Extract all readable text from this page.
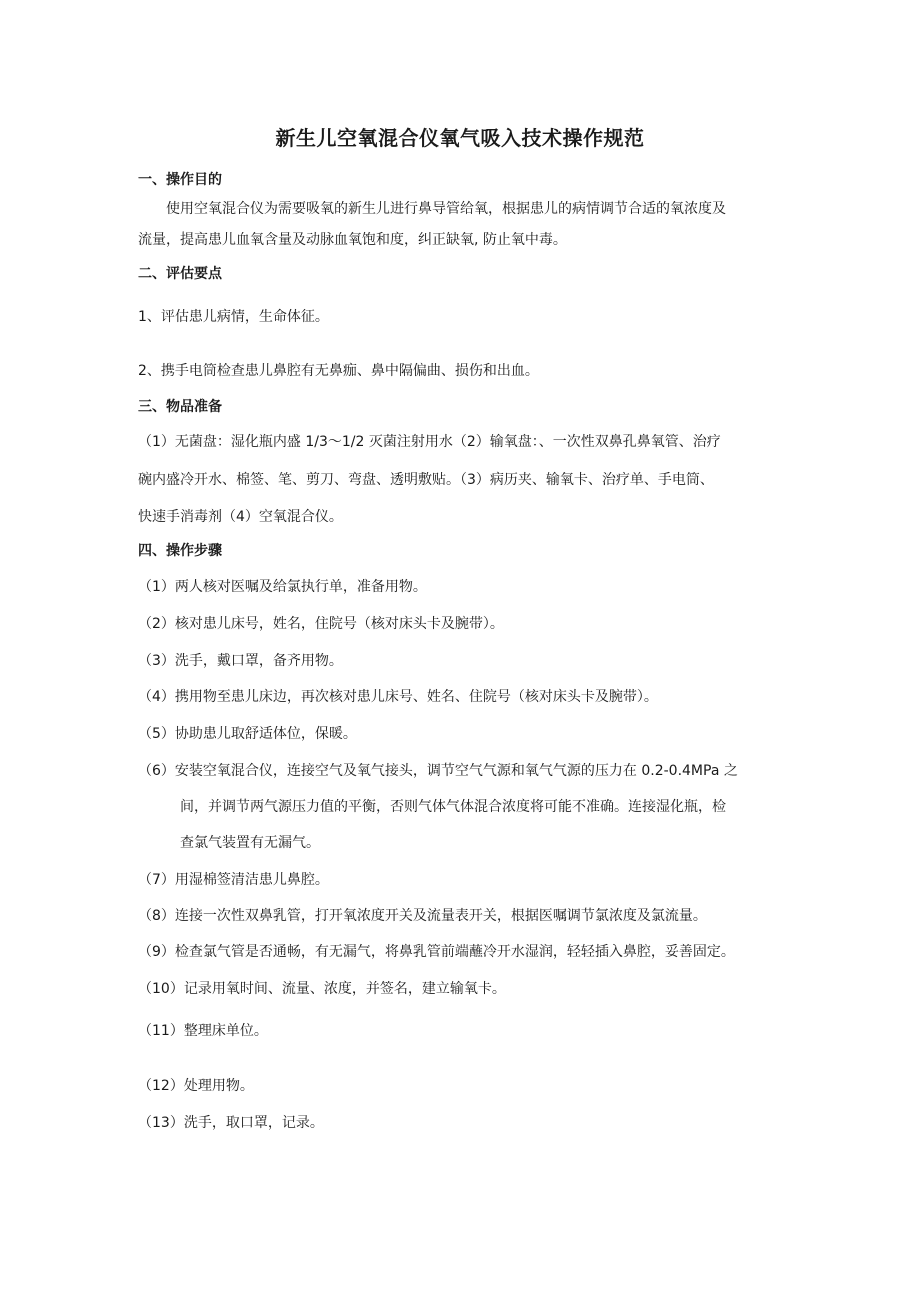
新生儿空氧混合仪氧气吸入技术操作规范
一、操作目的
使用空氧混合仪为需要吸氧的新生儿进行鼻导管给氧，根据患儿的病情调节合适的氧浓度及
流量，提高患儿血氧含量及动脉血氧饱和度，纠正缺氧, 防止氧中毒。
二、评估要点
1、评估患儿病情，生命体征。
2、携手电筒检查患儿鼻腔有无鼻痂、鼻中隔偏曲、损伤和出血。
三、物品准备
（1）无菌盘：湿化瓶内盛 1/3～1/2 灭菌注射用水（2）输氧盘：、一次性双鼻孔鼻氧管、治疗
碗内盛冷开水、棉签、笔、剪刀、弯盘、透明敷贴。（3）病历夹、输氧卡、治疗单、手电筒、
快速手消毒剂（4）空氧混合仪。
四、操作步骤
（1）两人核对医嘱及给氯执行单，准备用物。
（2）核对患儿床号，姓名，住院号（核对床头卡及腕带）。
（3）洗手，戴口罩，备齐用物。
（4）携用物至患儿床边，再次核对患儿床号、姓名、住院号（核对床头卡及腕带）。
（5）协助患儿取舒适体位，保暖。
（6）安装空氧混合仪，连接空气及氧气接头，调节空气气源和氧气气源的压力在 0.2-0.4MPa 之
间，并调节两气源压力值的平衡，否则气体气体混合浓度将可能不准确。连接湿化瓶，检
查氯气装置有无漏气。
（7）用湿棉签清洁患儿鼻腔。
（8）连接一次性双鼻乳管，打开氧浓度开关及流量表开关，根据医嘱调节氯浓度及氯流量。
（9）检查氯气管是否通畅，有无漏气，将鼻乳管前端蘸冷开水湿润，轻轻插入鼻腔，妥善固定。
（10）记录用氧时间、流量、浓度，并签名，建立输氧卡。
（11）整理床单位。
（12）处理用物。
（13）洗手，取口罩，记录。
